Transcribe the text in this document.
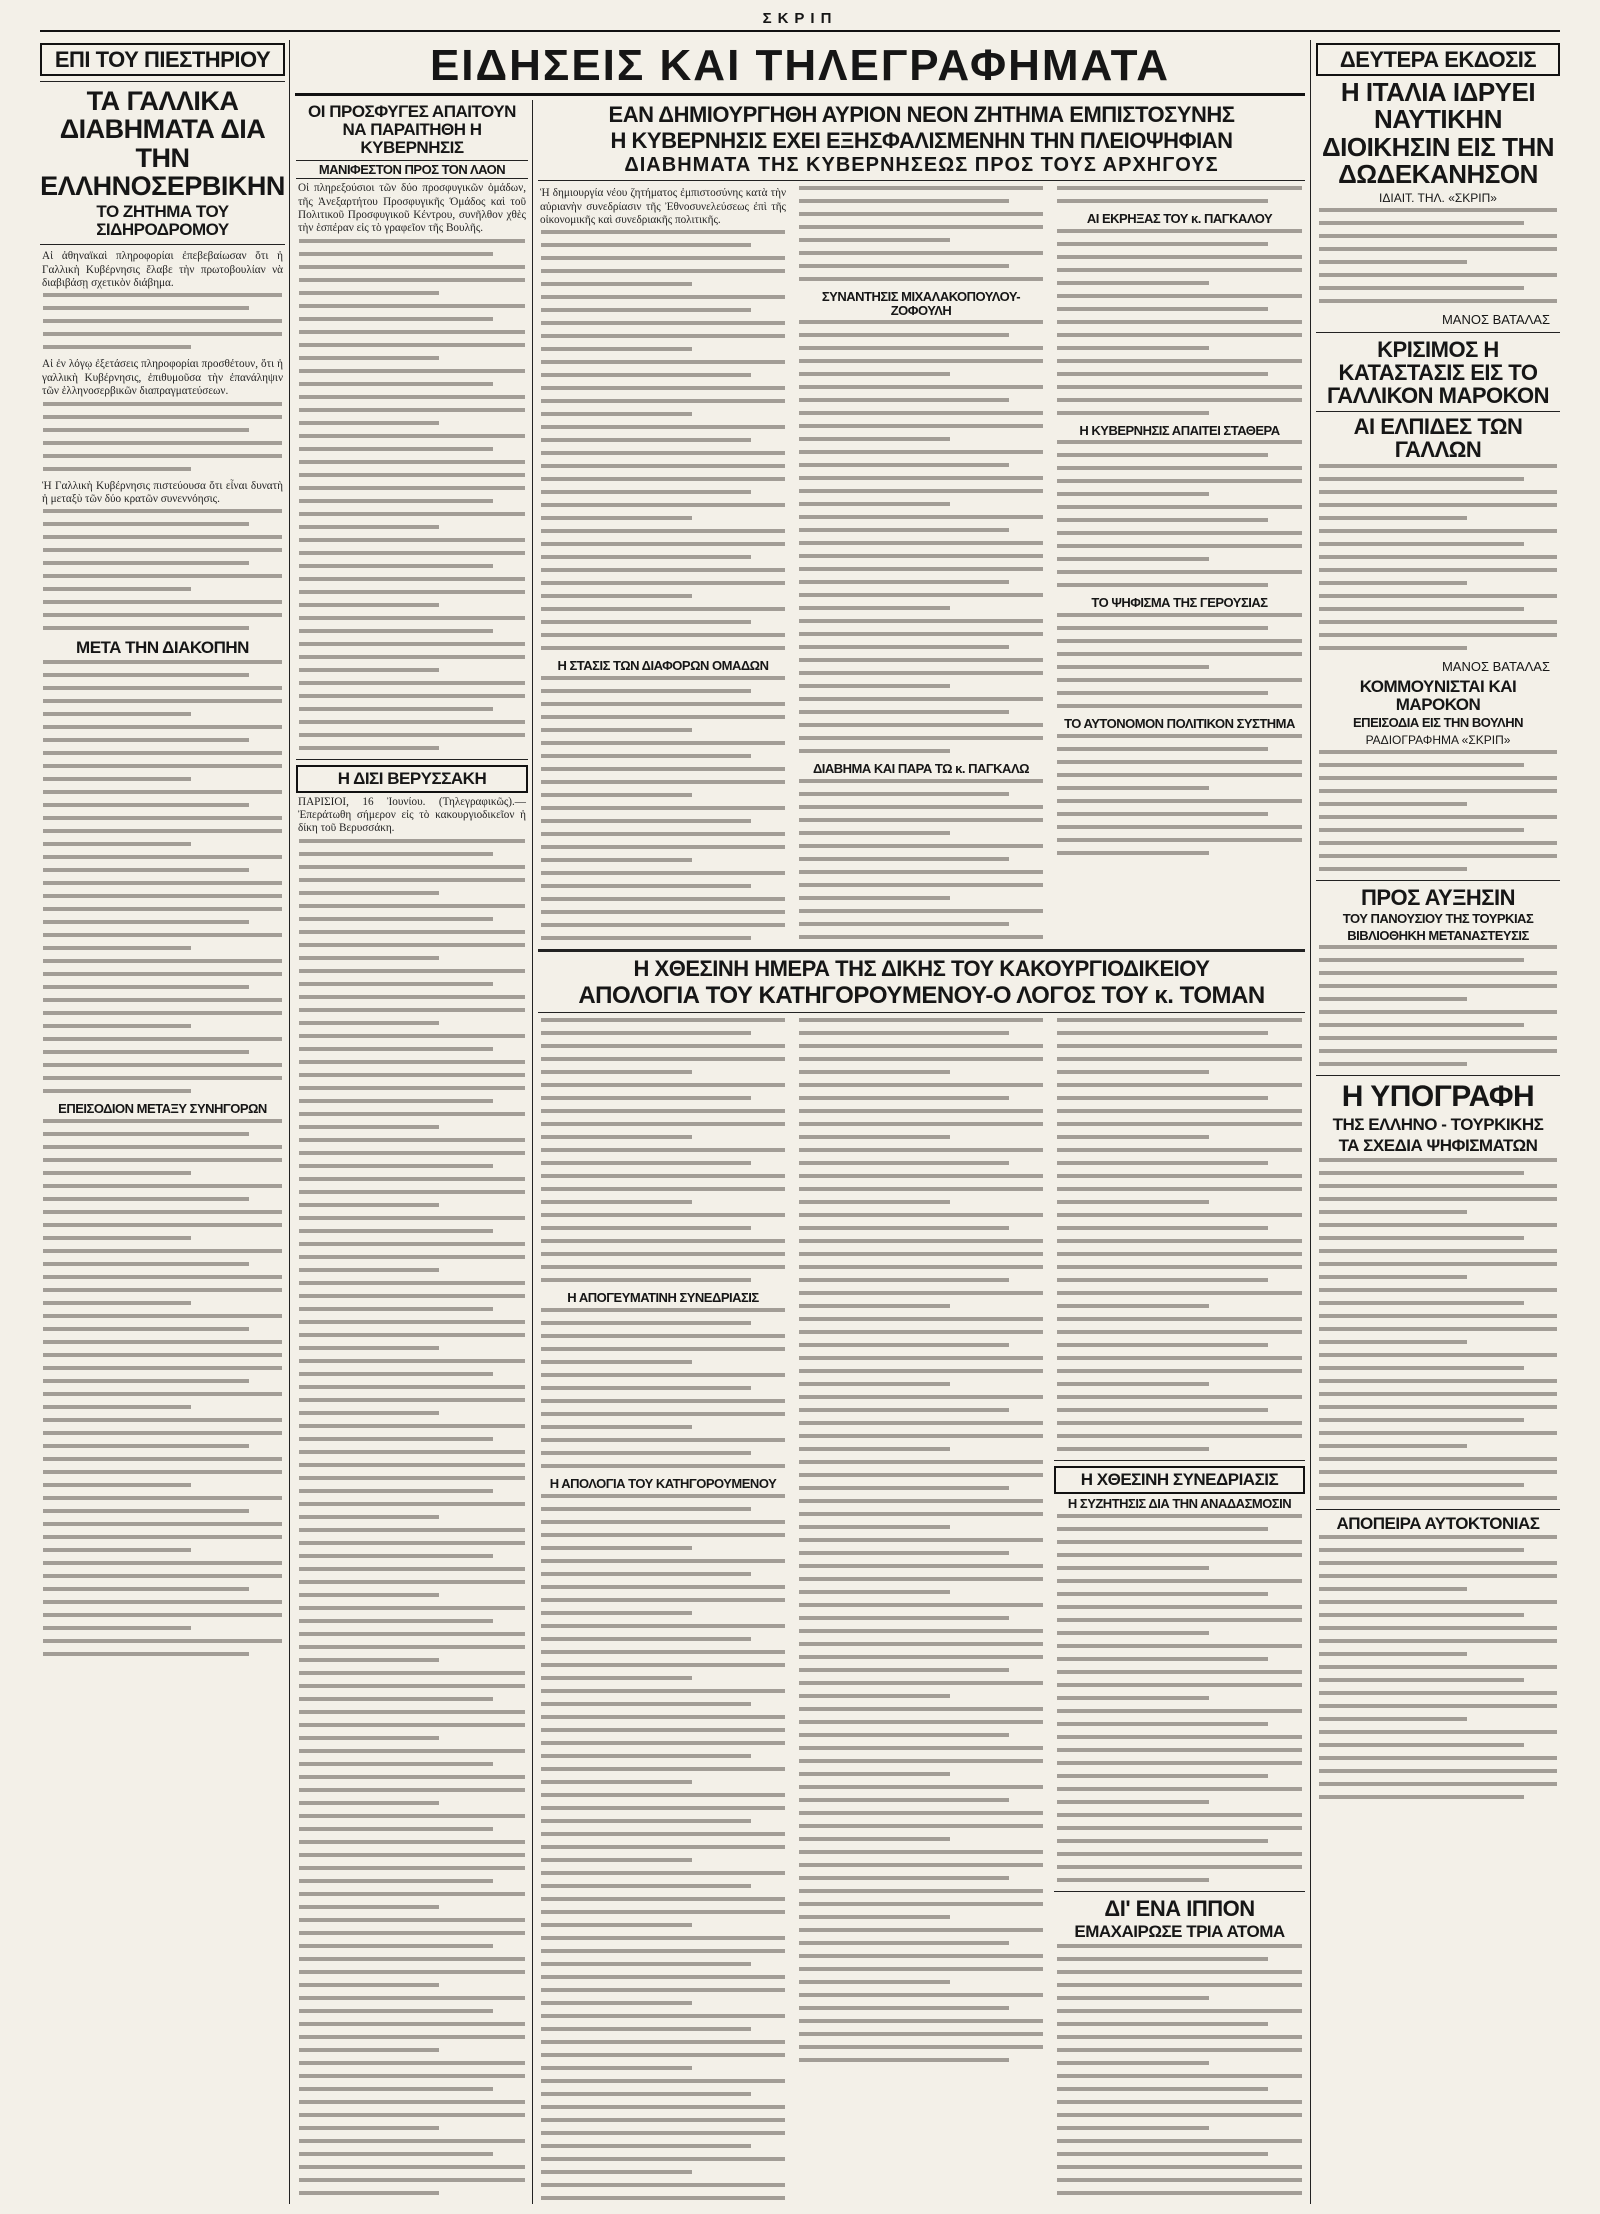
ΣΚΡΙΠ
ΕΠΙ ΤΟΥ ΠΙΕΣΤΗΡΙΟΥ
ΤΑ ΓΑΛΛΙΚΑ ΔΙΑΒΗΜΑΤΑ ΔΙΑ ΤΗΝ ΕΛΛΗΝΟΣΕΡΒΙΚΗΝ
ΤΟ ΖΗΤΗΜΑ ΤΟΥ ΣΙΔΗΡΟΔΡΟΜΟΥ

Αἱ ἀθηναϊκαὶ πληροφορίαι ἐπεβεβαίωσαν ὅτι ἡ Γαλλικὴ Κυβέρνησις ἔλαβε τὴν πρωτοβουλίαν νὰ διαβιβάσῃ σχετικὸν διάβημα.

Αἱ ἐν λόγῳ ἐξετάσεις πληροφορίαι προσθέτουν, ὅτι ἡ γαλλικὴ Κυβέρνησις, ἐπιθυμοῦσα τὴν ἐπανάληψιν τῶν ἑλληνοσερβικῶν διαπραγματεύσεων.

Ἡ Γαλλικὴ Κυβέρνησις πιστεύουσα ὅτι εἶναι δυνατὴ ἡ μεταξὺ τῶν δύο κρατῶν συνεννόησις.

ΜΕΤΑ ΤΗΝ ΔΙΑΚΟΠΗΝ
ΕΠΕΙΣΟΔΙΟΝ ΜΕΤΑΞΥ ΣΥΝΗΓΟΡΩΝ
ΕΙΔΗΣΕΙΣ ΚΑΙ ΤΗΛΕΓΡΑΦΗΜΑΤΑ
ΟΙ ΠΡΟΣΦΥΓΕΣ ΑΠΑΙΤΟΥΝ ΝΑ ΠΑΡΑΙΤΗΘΗ Η ΚΥΒΕΡΝΗΣΙΣ
ΜΑΝΙΦΕΣΤΟΝ ΠΡΟΣ ΤΟΝ ΛΑΟΝ

Οἱ πληρεξούσιοι τῶν δύο προσφυγικῶν ὁμάδων, τῆς Ἀνεξαρτήτου Προσφυγικῆς Ὁμάδος καὶ τοῦ Πολιτικοῦ Προσφυγικοῦ Κέντρου, συνῆλθον χθὲς τὴν ἑσπέραν εἰς τὸ γραφεῖον τῆς Βουλῆς.

Η ΔΙΣΙ ΒΕΡΥΣΣΑΚΗ

ΠΑΡΙΣΙΟΙ, 16 Ἰουνίου. (Τηλεγραφικῶς).—Ἐπεράτωθη σήμερον εἰς τὸ κακουργιοδικεῖον ἡ δίκη τοῦ Βερυσσάκη.

ΕΑΝ ΔΗΜΙΟΥΡΓΗΘΗ ΑΥΡΙΟΝ ΝΕΟΝ ΖΗΤΗΜΑ ΕΜΠΙΣΤΟΣΥΝΗΣ
Η ΚΥΒΕΡΝΗΣΙΣ ΕΧΕΙ ΕΞΗΣΦΑΛΙΣΜΕΝΗΝ ΤΗΝ ΠΛΕΙΟΨΗΦΙΑΝ
ΔΙΑΒΗΜΑΤΑ ΤΗΣ ΚΥΒΕΡΝΗΣΕΩΣ ΠΡΟΣ ΤΟΥΣ ΑΡΧΗΓΟΥΣ

Ἡ δημιουργία νέου ζητήματος ἐμπιστοσύνης κατὰ τὴν αὐριανὴν συνεδρίασιν τῆς Ἐθνοσυνελεύσεως ἐπὶ τῆς οἰκονομικῆς καὶ συνεδριακῆς πολιτικῆς.

Η ΣΤΑΣΙΣ ΤΩΝ ΔΙΑΦΟΡΩΝ ΟΜΑΔΩΝ
ΣΥΝΑΝΤΗΣΙΣ ΜΙΧΑΛΑΚΟΠΟΥΛΟΥ-ΖΟΦΟΥΛΗ
ΔΙΑΒΗΜΑ ΚΑΙ ΠΑΡΑ ΤΩ κ. ΠΑΓΚΑΛΩ
ΑΙ ΕΚΡΗΞΑΣ ΤΟΥ κ. ΠΑΓΚΑΛΟΥ
Η ΚΥΒΕΡΝΗΣΙΣ ΑΠΑΙΤΕΙ ΣΤΑΘΕΡΑ
ΤΟ ΨΗΦΙΣΜΑ ΤΗΣ ΓΕΡΟΥΣΙΑΣ
ΤΟ ΑΥΤΟΝΟΜΟΝ ΠΟΛΙΤΙΚΟΝ ΣΥΣΤΗΜΑ
Η ΧΘΕΣΙΝΗ ΗΜΕΡΑ ΤΗΣ ΔΙΚΗΣ ΤΟΥ ΚΑΚΟΥΡΓΙΟΔΙΚΕΙΟΥ
ΑΠΟΛΟΓΙΑ ΤΟΥ ΚΑΤΗΓΟΡΟΥΜΕΝΟΥ-Ο ΛΟΓΟΣ ΤΟΥ κ. ΤΟΜΑΝ
Η ΑΠΟΓΕΥΜΑΤΙΝΗ ΣΥΝΕΔΡΙΑΣΙΣ
Η ΑΠΟΛΟΓΙΑ ΤΟΥ ΚΑΤΗΓΟΡΟΥΜΕΝΟΥ	Η ΧΘΕΣΙΝΗ ΣΥΝΕΔΡΙΑΣΙΣ
Η ΣΥΖΗΤΗΣΙΣ ΔΙΑ ΤΗΝ ΑΝΑΔΑΣΜΟΣΙΝ
ΔΙ' ΕΝΑ ΙΠΠΟΝ
ΕΜΑΧΑΙΡΩΣΕ ΤΡΙΑ ΑΤΟΜΑ
ΔΕΥΤΕΡΑ ΕΚΔΟΣΙΣ
Η ΙΤΑΛΙΑ ΙΔΡΥΕΙ ΝΑΥΤΙΚΗΝ ΔΙΟΙΚΗΣΙΝ ΕΙΣ ΤΗΝ ΔΩΔΕΚΑΝΗΣΟΝ
ΙΔΙΑΙΤ. ΤΗΛ. «ΣΚΡΙΠ»
ΜΑΝΟΣ ΒΑΤΑΛΑΣ
ΚΡΙΣΙΜΟΣ Η ΚΑΤΑΣΤΑΣΙΣ ΕΙΣ ΤΟ ΓΑΛΛΙΚΟΝ ΜΑΡΟΚΟΝ
ΑΙ ΕΛΠΙΔΕΣ ΤΩΝ ΓΑΛΛΩΝ
ΜΑΝΟΣ ΒΑΤΑΛΑΣ
ΚΟΜΜΟΥΝΙΣΤΑΙ ΚΑΙ ΜΑΡΟΚΟΝ
ΕΠΕΙΣΟΔΙΑ ΕΙΣ ΤΗΝ ΒΟΥΛΗΝ
ΡΑΔΙΟΓΡΑΦΗΜΑ «ΣΚΡΙΠ»
ΠΡΟΣ ΑΥΞΗΣΙΝ
ΤΟΥ ΠΑΝΟΥΣΙΟΥ ΤΗΣ ΤΟΥΡΚΙΑΣ
ΒΙΒΛΙΟΘΗΚΗ ΜΕΤΑΝΑΣΤΕΥΣΙΣ
Η ΥΠΟΓΡΑΦΗ
ΤΗΣ ΕΛΛΗΝΟ - ΤΟΥΡΚΙΚΗΣ
ΤΑ ΣΧΕΔΙΑ ΨΗΦΙΣΜΑΤΩΝ
ΑΠΟΠΕΙΡΑ ΑΥΤΟΚΤΟΝΙΑΣ
